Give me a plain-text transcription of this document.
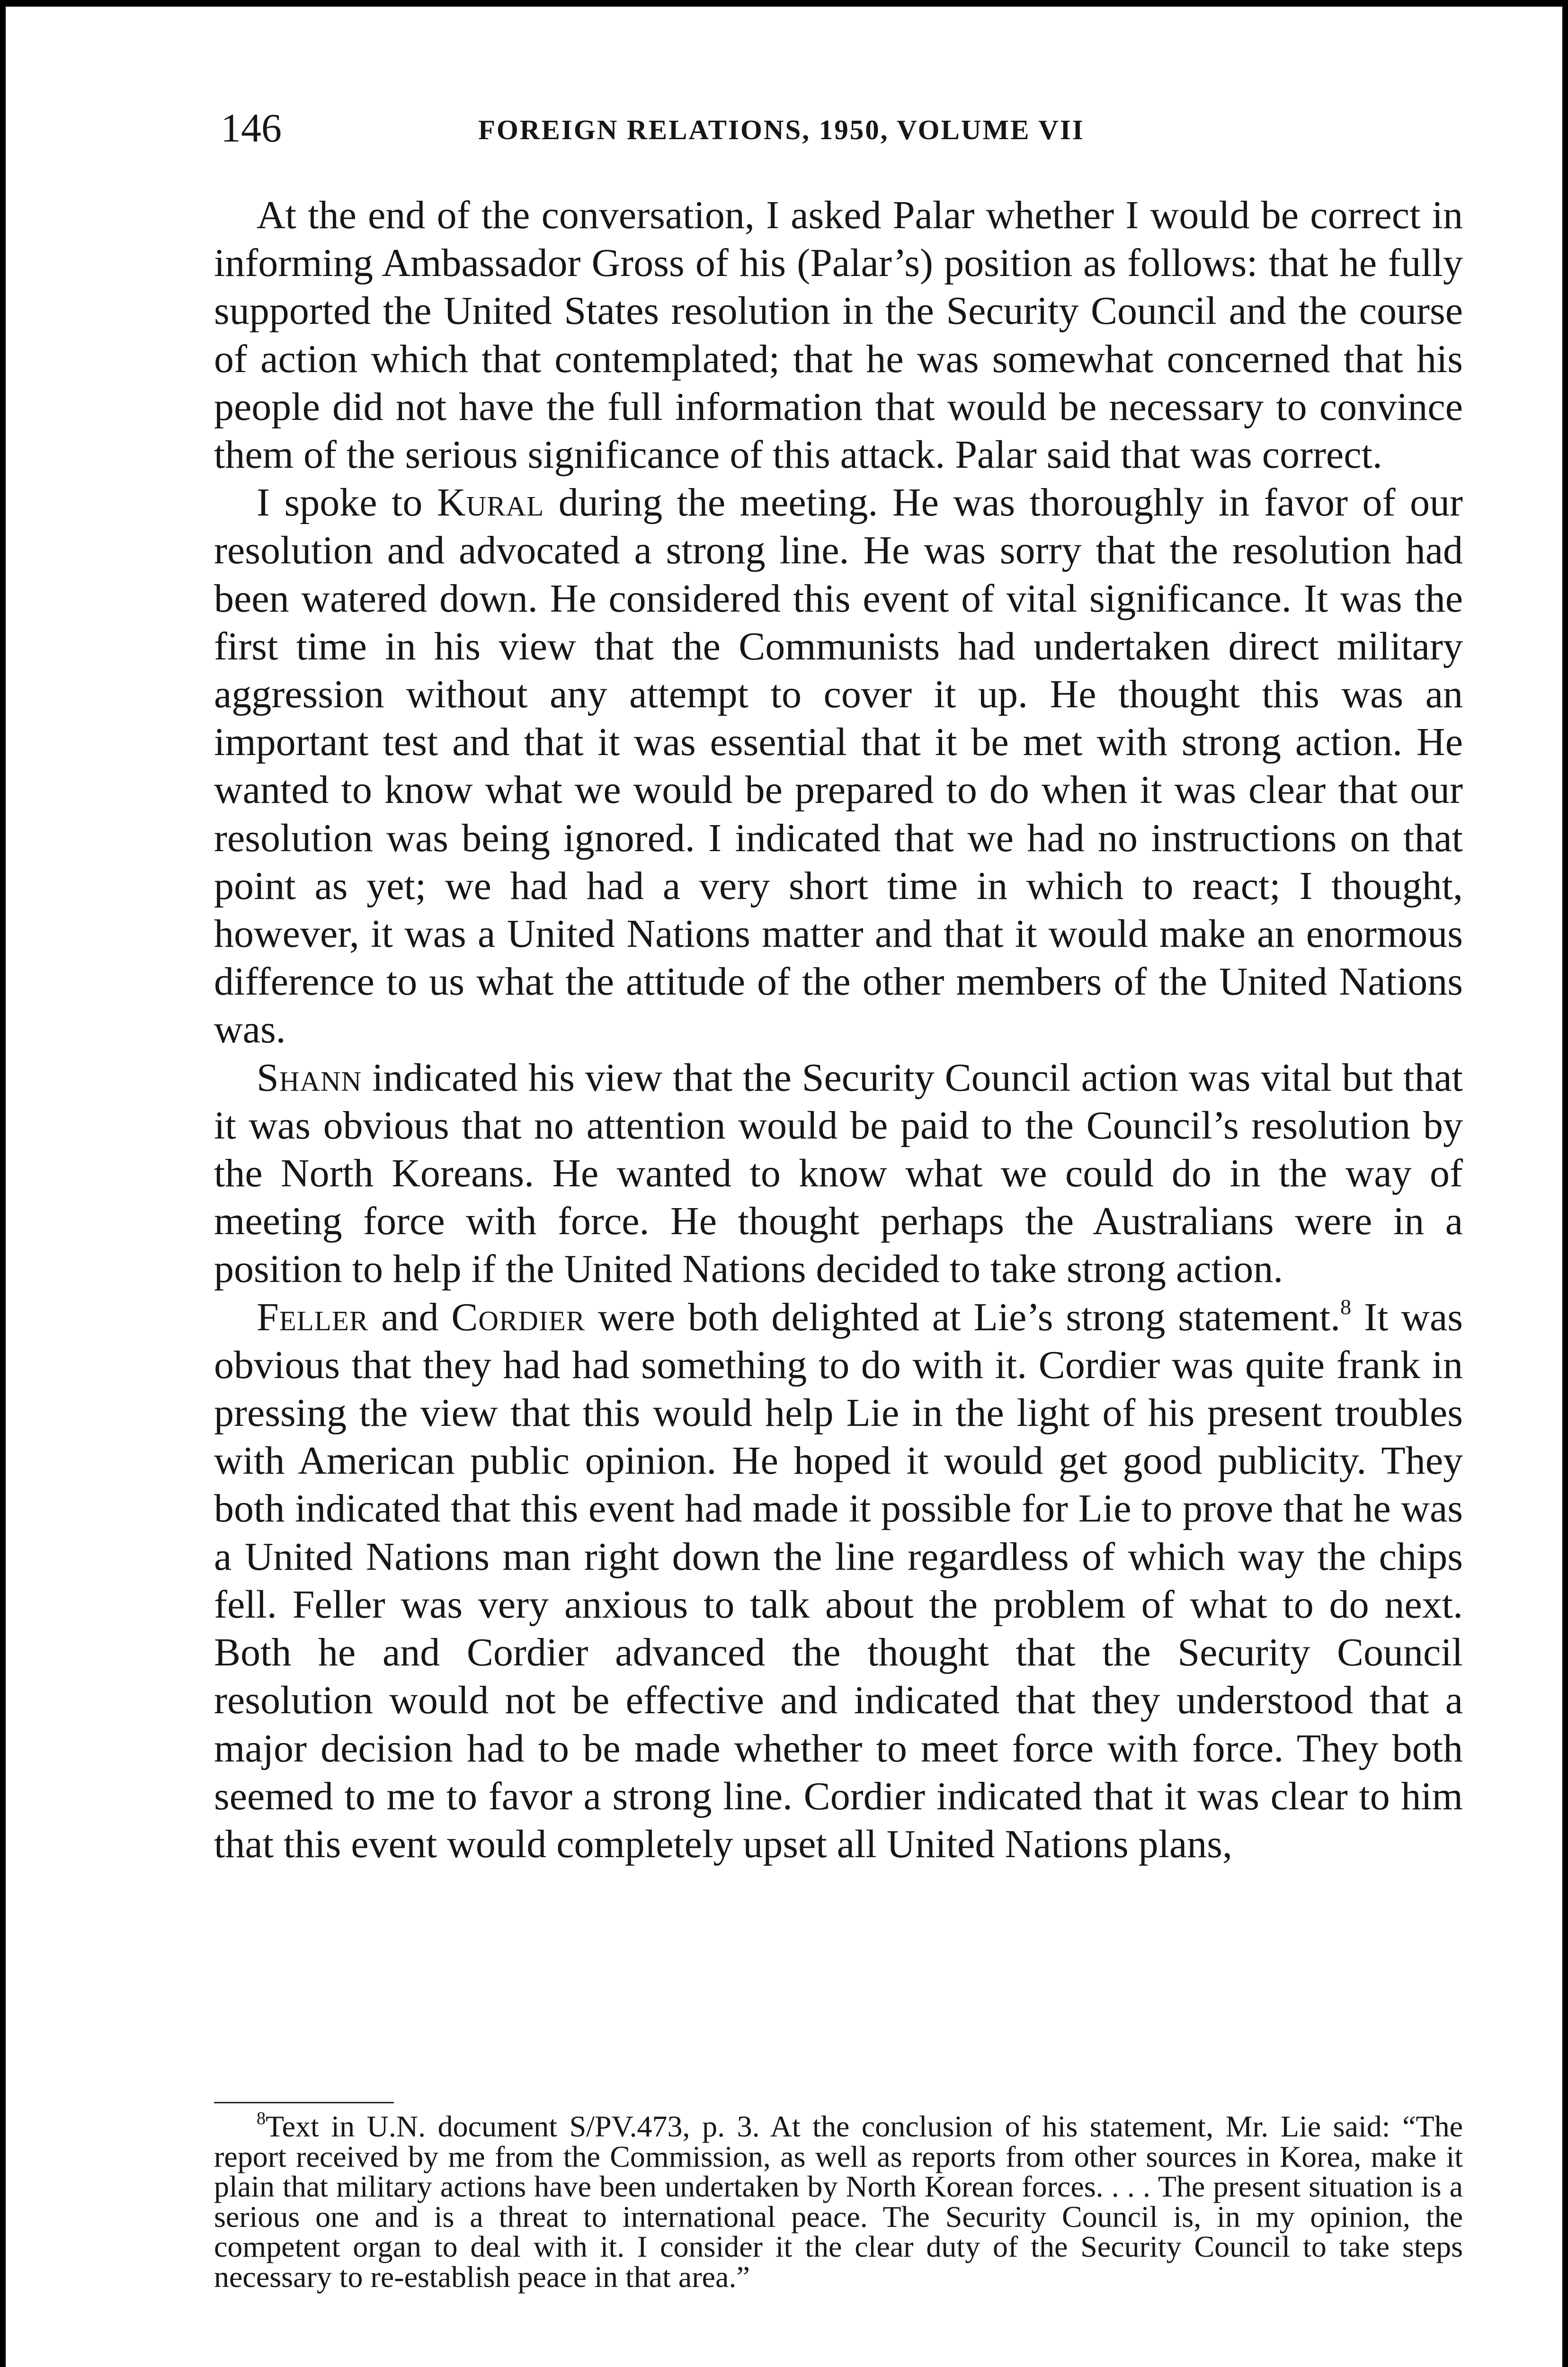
146	FOREIGN RELATIONS, 1950, VOLUME VII

At the end of the conversation, I asked Palar whether I would be correct in informing Ambassador Gross of his (Palar’s) position as follows: that he fully supported the United States resolution in the Security Council and the course of action which that contemplated; that he was somewhat concerned that his people did not have the full information that would be necessary to convince them of the serious significance of this attack. Palar said that was correct.

I spoke to Kural during the meeting. He was thoroughly in favor of our resolution and advocated a strong line. He was sorry that the resolution had been watered down. He considered this event of vital significance. It was the first time in his view that the Communists had undertaken direct military aggression without any attempt to cover it up. He thought this was an important test and that it was essential that it be met with strong action. He wanted to know what we would be prepared to do when it was clear that our resolution was being ignored. I indicated that we had no instructions on that point as yet; we had had a very short time in which to react; I thought, however, it was a United Nations matter and that it would make an enormous difference to us what the attitude of the other members of the United Nations was.

Shann indicated his view that the Security Council action was vital but that it was obvious that no attention would be paid to the Council’s resolution by the North Koreans. He wanted to know what we could do in the way of meeting force with force. He thought perhaps the Australians were in a position to help if the United Nations decided to take strong action.

Feller and Cordier were both delighted at Lie’s strong statement.$^8$ It was obvious that they had had something to do with it. Cordier was quite frank in pressing the view that this would help Lie in the light of his present troubles with American public opinion. He hoped it would get good publicity. They both indicated that this event had made it possible for Lie to prove that he was a United Nations man right down the line regardless of which way the chips fell. Feller was very anxious to talk about the problem of what to do next. Both he and Cordier advanced the thought that the Security Council resolution would not be effective and indicated that they understood that a major decision had to be made whether to meet force with force. They both seemed to me to favor a strong line. Cordier indicated that it was clear to him that this event would completely upset all United Nations plans,

$^8$Text in U.N. document S/PV.473, p. 3. At the conclusion of his statement, Mr. Lie said: “The report received by me from the Commission, as well as reports from other sources in Korea, make it plain that military actions have been undertaken by North Korean forces. . . . The present situation is a serious one and is a threat to international peace. The Security Council is, in my opinion, the competent organ to deal with it. I consider it the clear duty of the Security Council to take steps necessary to re-establish peace in that area.”
